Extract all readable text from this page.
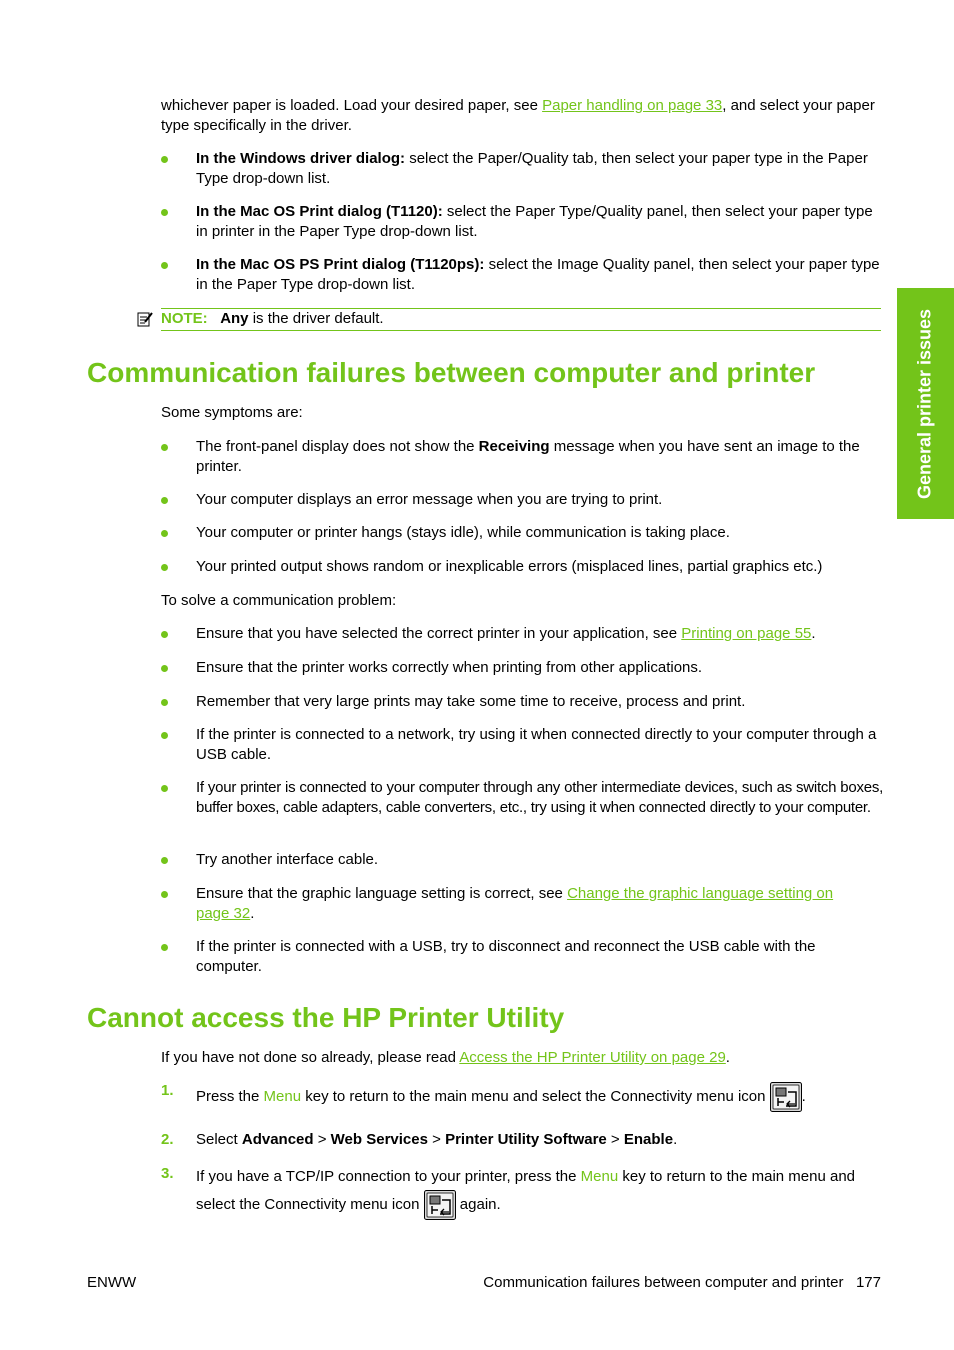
whichever paper is loaded. Load your desired paper, see Paper handling on page 33, and select your paper type specifically in the driver.

In the Windows driver dialog: select the Paper/Quality tab, then select your paper type in the Paper Type drop-down list.
In the Mac OS Print dialog (T1120): select the Paper Type/Quality panel, then select your paper type in printer in the Paper Type drop-down list.
In the Mac OS PS Print dialog (T1120ps): select the Image Quality panel, then select your paper type in the Paper Type drop-down list.

NOTE: Any is the driver default.

Communication failures between computer and printer

Some symptoms are:

The front-panel display does not show the Receiving message when you have sent an image to the printer.
Your computer displays an error message when you are trying to print.
Your computer or printer hangs (stays idle), while communication is taking place.
Your printed output shows random or inexplicable errors (misplaced lines, partial graphics etc.)

To solve a communication problem:

Ensure that you have selected the correct printer in your application, see Printing on page 55.
Ensure that the printer works correctly when printing from other applications.
Remember that very large prints may take some time to receive, process and print.
If the printer is connected to a network, try using it when connected directly to your computer through a USB cable.
If your printer is connected to your computer through any other intermediate devices, such as switch boxes, buffer boxes, cable adapters, cable converters, etc., try using it when connected directly to your computer.
Try another interface cable.
Ensure that the graphic language setting is correct, see Change the graphic language setting on page 32.
If the printer is connected with a USB, try to disconnect and reconnect the USB cable with the computer.
Cannot access the HP Printer Utility

If you have not done so already, please read Access the HP Printer Utility on page 29.

1. Press the Menu key to return to the main menu and select the Connectivity menu icon .

2. Select Advanced > Web Services > Printer Utility Software > Enable.

3. If you have a TCP/IP connection to your printer, press the Menu key to return to the main menu and select the Connectivity menu icon  again.

General printer issues

ENWW	Communication failures between computer and printer 177
